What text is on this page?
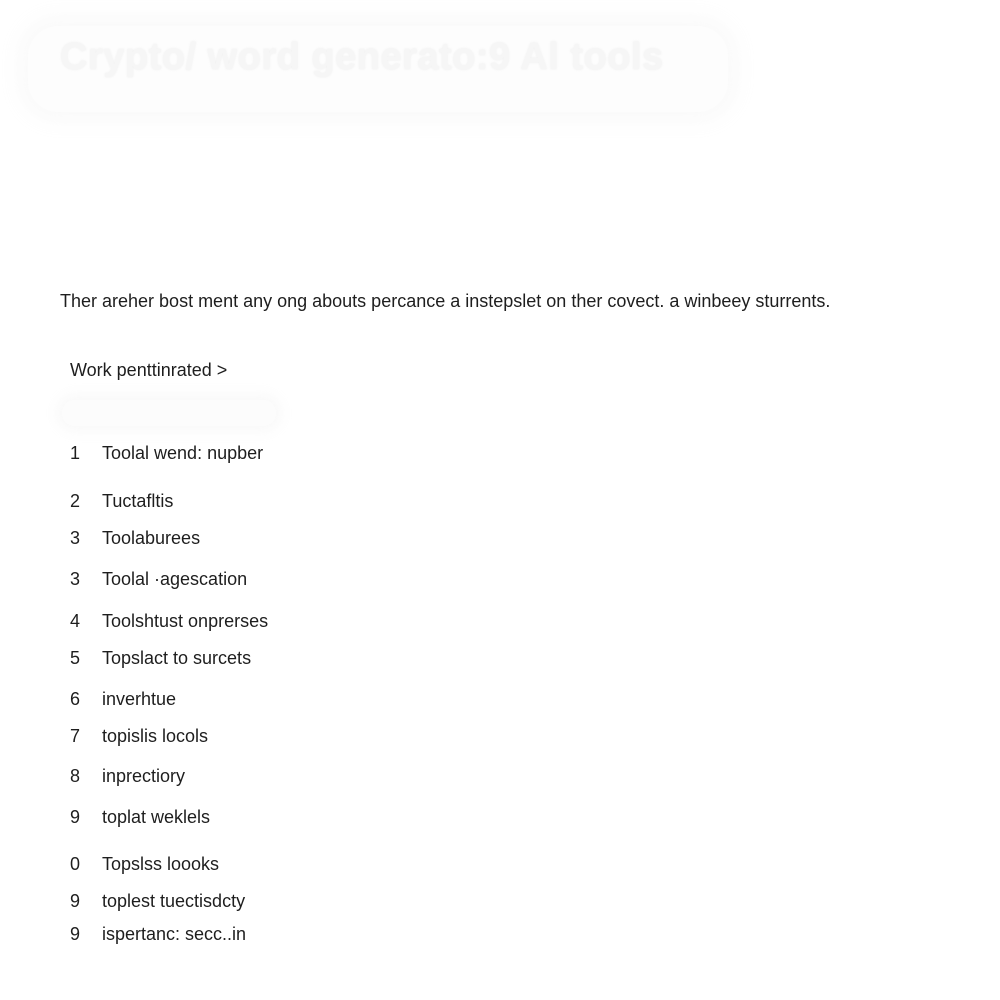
Crypto/ word generato:9 Al tools

Ther areher bost ment any ong abouts percance a instepslet on ther covect. a winbeey sturrents.

Work penttinrated >
1 Toolal wend: nupber
2 Tuctafltis
3 Toolaburees
3 Toolal ·agescation
4 Toolshtust onprerses
5 Topslact to surcets
6 inverhtue
7 topislis locols
8 inprectiory
9 toplat weklels
0 Topslss loooks
9 toplest tuectisdcty
9 ispertanc: secc..in
